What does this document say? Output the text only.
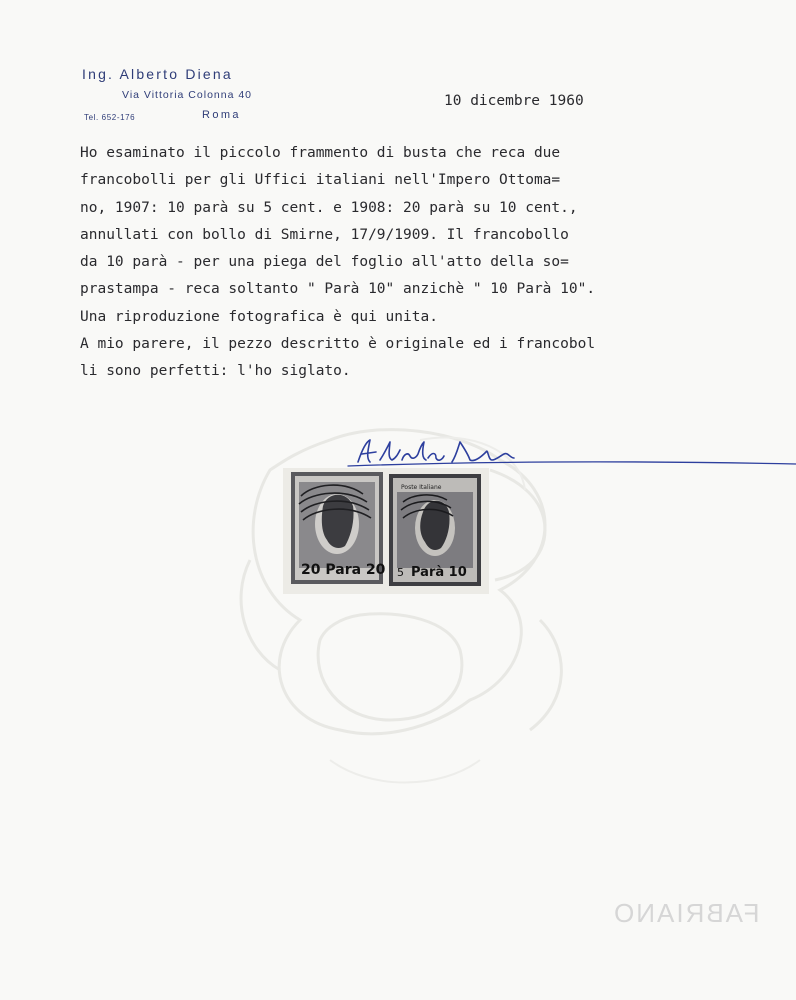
FABRIANO
Ing. Alberto Diena
Via Vittoria Colonna 40
Tel. 652-176	Roma
10 dicembre 1960
Ho esaminato il piccolo frammento di busta che reca due
francobolli per gli Uffici italiani nell'Impero Ottoma=
no, 1907: 10 parà su 5 cent. e 1908: 20 parà su 10 cent.,
annullati con bollo di Smirne, 17/9/1909. Il francobollo
da 10 parà - per una piega del foglio all'atto della so=
prastampa - reca soltanto " Parà 10" anzichè " 10 Parà 10".
Una riproduzione fotografica è qui unita.
A mio parere, il pezzo descritto è originale ed i francobol
li sono perfetti: l'ho siglato.
20 Para 20
Poste Italiane
5 Parà 10
